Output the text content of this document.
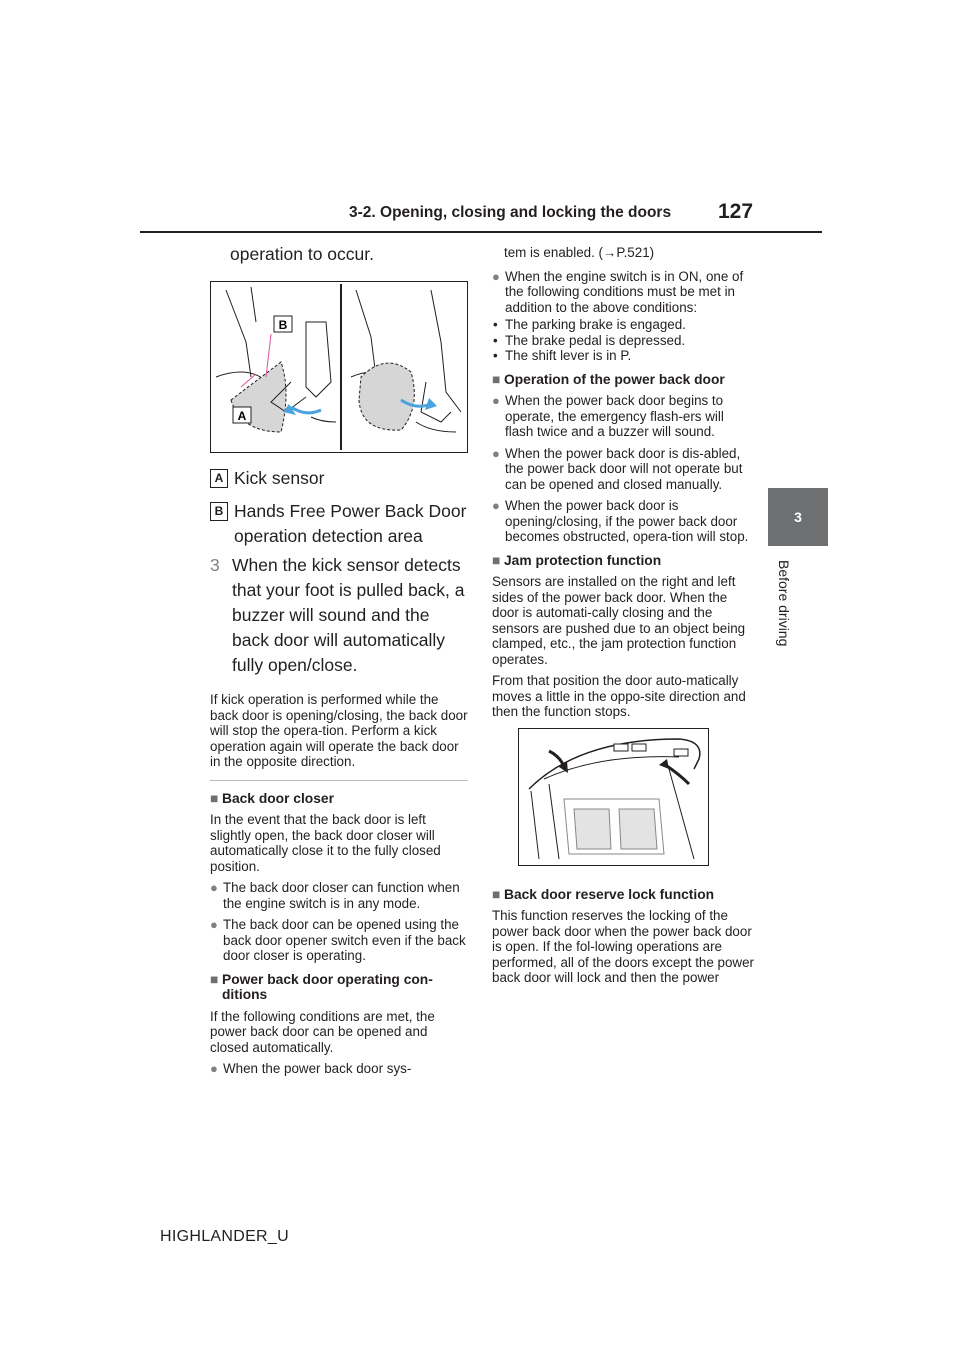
3-2. Opening, closing and locking the doors 127
3
Before driving
operation to occur.
B
A
A Kick sensor
B Hands Free Power Back Door operation detection area
3 When the kick sensor detects that your foot is pulled back, a buzzer will sound and the back door will automatically fully open/close.
If kick operation is performed while the back door is opening/closing, the back door will stop the opera-tion. Perform a kick operation again will operate the back door in the opposite direction.
■ Back door closer
In the event that the back door is left slightly open, the back door closer will automatically close it to the fully closed position.
● The back door closer can function when the engine switch is in any mode.
● The back door can be opened using the back door opener switch even if the back door closer is operating.
■ Power back door operating con-ditions
If the following conditions are met, the power back door can be opened and closed automatically.
● When the power back door sys-
tem is enabled. (→P.521)
● When the engine switch is in ON, one of the following conditions must be met in addition to the above conditions:
• The parking brake is engaged.
• The brake pedal is depressed.
• The shift lever is in P.
■ Operation of the power back door
● When the power back door begins to operate, the emergency flash-ers will flash twice and a buzzer will sound.
● When the power back door is dis-abled, the power back door will not operate but can be opened and closed manually.
● When the power back door is opening/closing, if the power back door becomes obstructed, opera-tion will stop.
■ Jam protection function
Sensors are installed on the right and left sides of the power back door. When the door is automati-cally closing and the sensors are pushed due to an object being clamped, etc., the jam protection function operates.
From that position the door auto-matically moves a little in the oppo-site direction and then the function stops.
■ Back door reserve lock function
This function reserves the locking of the power back door when the power back door is open. If the fol-lowing operations are performed, all of the doors except the power back door will lock and then the power
HIGHLANDER_U
